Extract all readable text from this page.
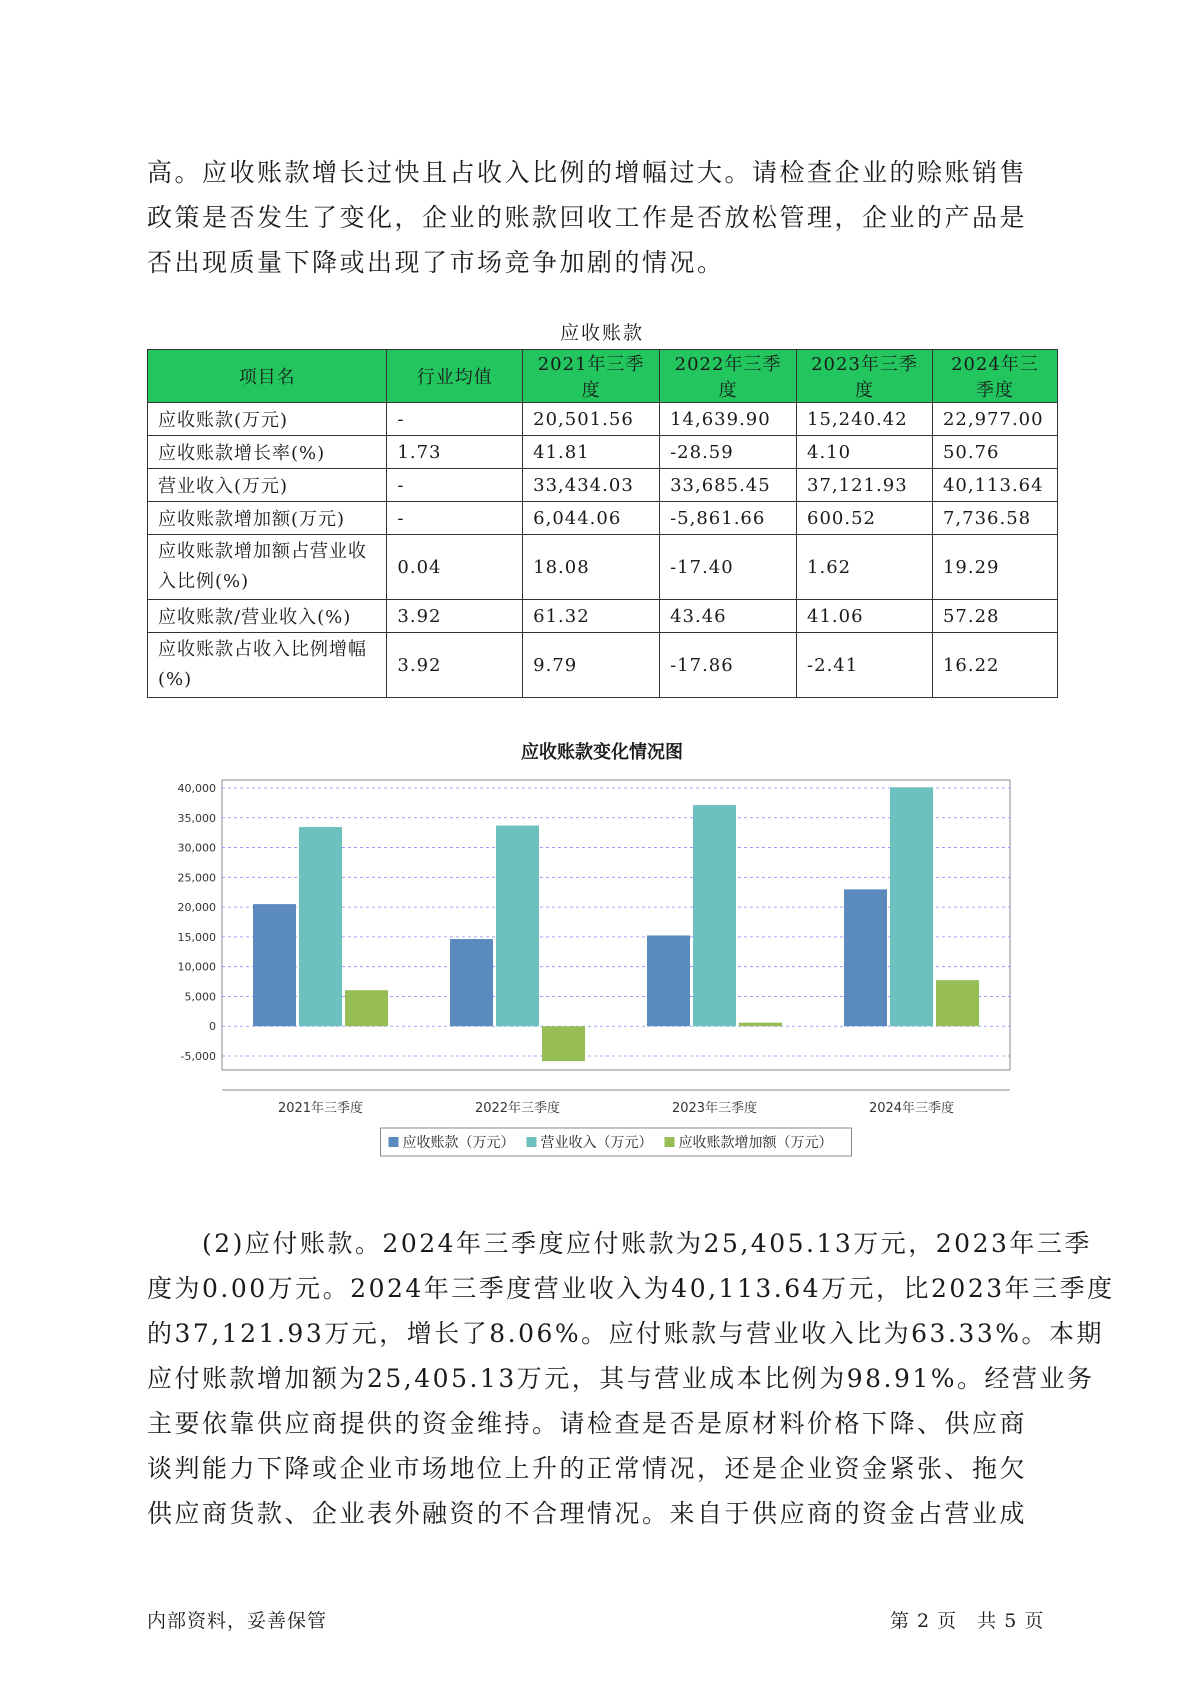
高。应收账款增长过快且占收入比例的增幅过大。请检查企业的赊账销售
政策是否发生了变化，企业的账款回收工作是否放松管理，企业的产品是
否出现质量下降或出现了市场竞争加剧的情况。
应收账款
项目名	行业均值	2021年三季度	2022年三季度	2023年三季度	2024年三季度
应收账款(万元)	-	20,501.56	14,639.90	15,240.42	22,977.00
应收账款增长率(%)	1.73	41.81	-28.59	4.10	50.76
营业收入(万元)	-	33,434.03	33,685.45	37,121.93	40,113.64
应收账款增加额(万元)	-	6,044.06	-5,861.66	600.52	7,736.58
应收账款增加额占营业收入比例(%)	0.04	18.08	-17.40	1.62	19.29
应收账款/营业收入(%)	3.92	61.32	43.46	41.06	57.28
应收账款占收入比例增幅(%)	3.92	9.79	-17.86	-2.41	16.22
应收账款变化情况图
-5,000
0
5,000
10,000
15,000
20,000
25,000
30,000
35,000
40,000
2021年三季度	2022年三季度	2023年三季度	2024年三季度
应收账款（万元） 营业收入（万元） 应收账款增加额（万元）
　　(2)应付账款。2024年三季度应付账款为25,405.13万元，2023年三季
度为0.00万元。2024年三季度营业收入为40,113.64万元，比2023年三季度
的37,121.93万元，增长了8.06%。应付账款与营业收入比为63.33%。本期
应付账款增加额为25,405.13万元，其与营业成本比例为98.91%。经营业务
主要依靠供应商提供的资金维持。请检查是否是原材料价格下降、供应商
谈判能力下降或企业市场地位上升的正常情况，还是企业资金紧张、拖欠
供应商货款、企业表外融资的不合理情况。来自于供应商的资金占营业成
内部资料，妥善保管	第 2 页　共 5 页
